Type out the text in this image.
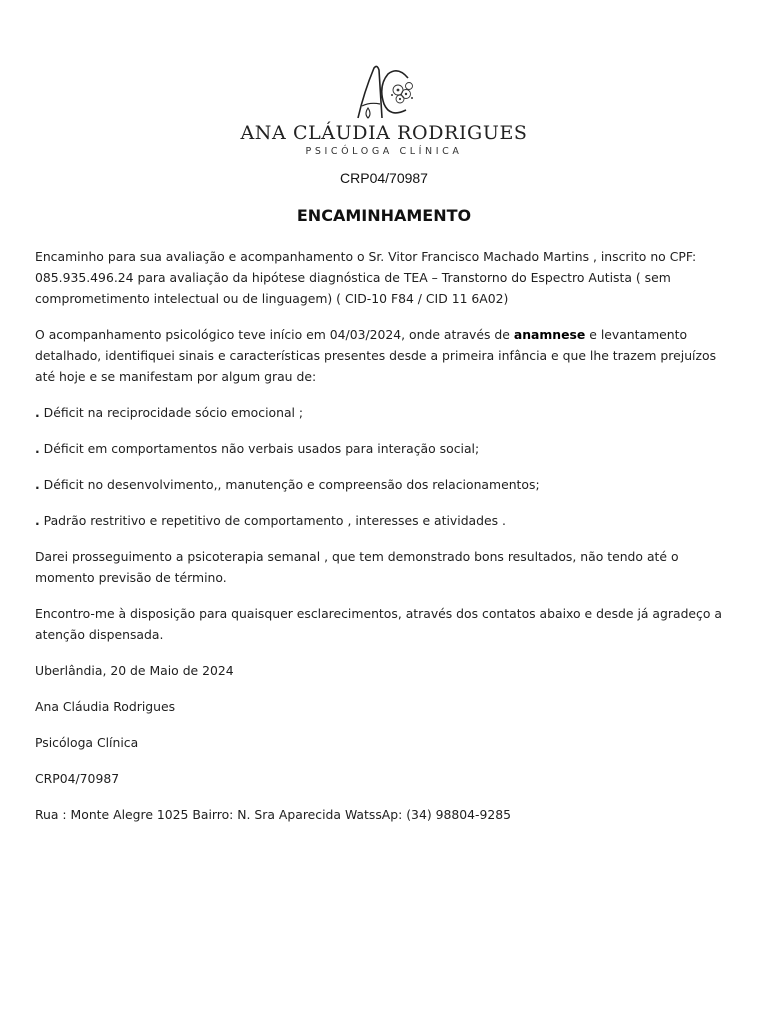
ANA CLÁUDIA RODRIGUES
PSICÓLOGA CLÍNICA
CRP04/70987
ENCAMINHAMENTO

Encaminho para sua avaliação e acompanhamento o Sr. Vitor Francisco Machado Martins , inscrito no CPF: 085.935.496.24 para avaliação da hipótese diagnóstica de TEA – Transtorno do Espectro Autista ( sem comprometimento intelectual ou de linguagem) ( CID-10 F84 / CID 11 6A02)

O acompanhamento psicológico teve início em 04/03/2024, onde através de anamnese e levantamento detalhado, identifiquei sinais e características presentes desde a primeira infância e que lhe trazem prejuízos até hoje e se manifestam por algum grau de:

. Déficit na reciprocidade sócio emocional ;

. Déficit em comportamentos não verbais usados para interação social;

. Déficit no desenvolvimento,, manutenção e compreensão dos relacionamentos;

. Padrão restritivo e repetitivo de comportamento , interesses e atividades .

Darei prosseguimento a psicoterapia semanal , que tem demonstrado bons resultados, não tendo até o momento previsão de término.

Encontro-me à disposição para quaisquer esclarecimentos, através dos contatos abaixo e desde já agradeço a atenção dispensada.

Uberlândia, 20 de Maio de 2024

Ana Cláudia Rodrigues

Psicóloga Clínica

CRP04/70987

Rua : Monte Alegre 1025 Bairro: N. Sra Aparecida WatssAp: (34) 98804-9285
